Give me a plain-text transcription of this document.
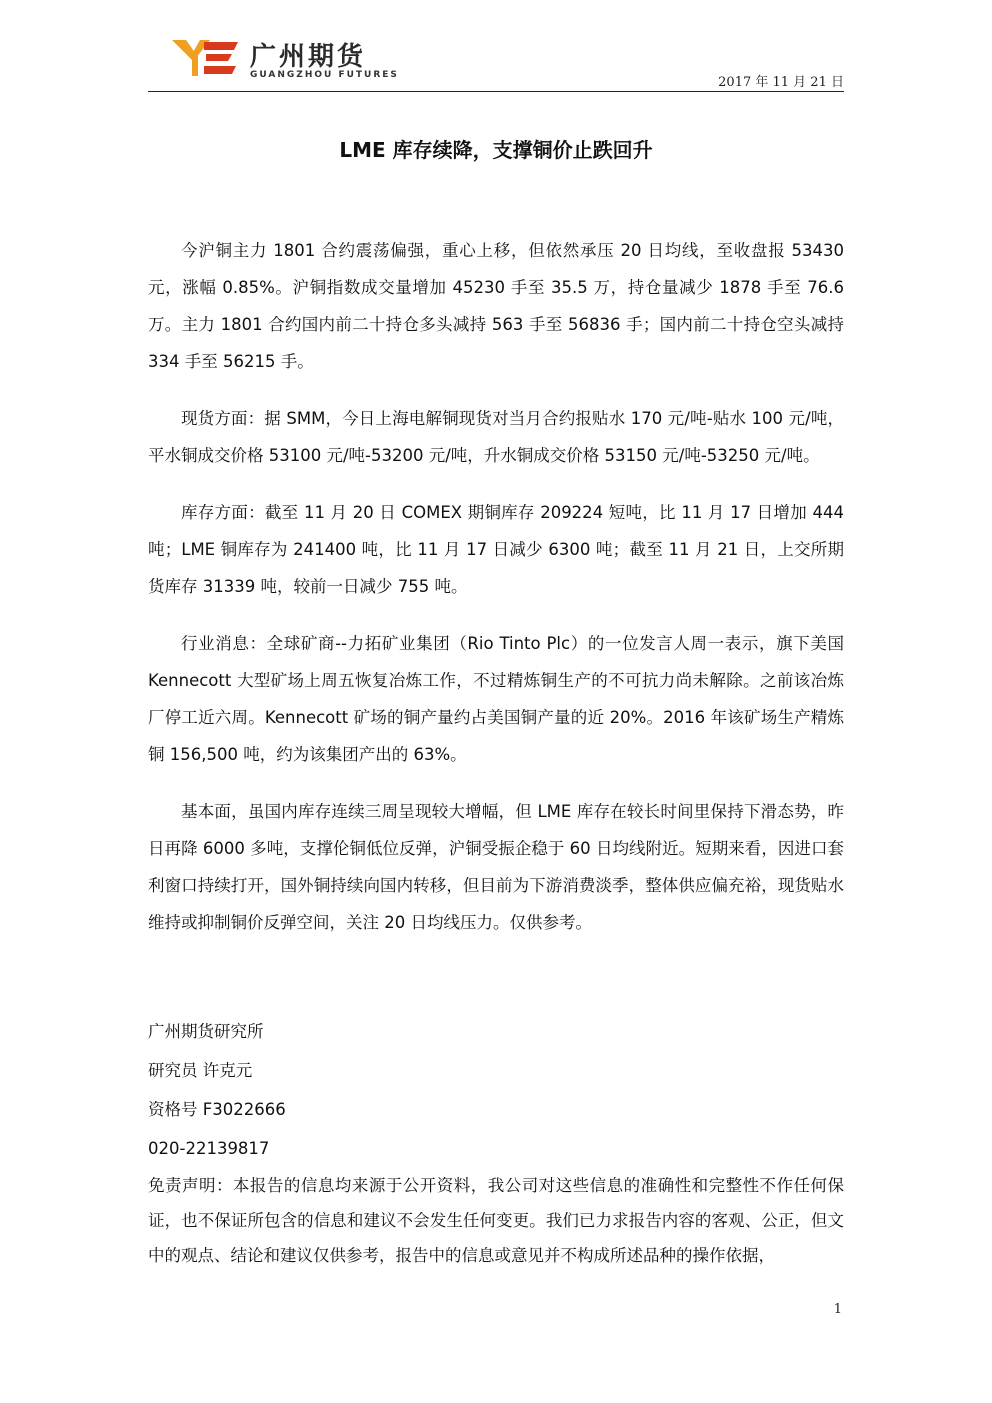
广州期货
GUANGZHOU FUTURES	2017 年 11 月 21 日
LME 库存续降，支撑铜价止跌回升

今沪铜主力 1801 合约震荡偏强，重心上移，但依然承压 20 日均线，至收盘报 53430 元，涨幅 0.85%。沪铜指数成交量增加 45230 手至 35.5 万，持仓量减少 1878 手至 76.6 万。主力 1801 合约国内前二十持仓多头减持 563 手至 56836 手；国内前二十持仓空头减持 334 手至 56215 手。

现货方面：据 SMM，今日上海电解铜现货对当月合约报贴水 170 元/吨-贴水 100 元/吨，平水铜成交价格 53100 元/吨-53200 元/吨，升水铜成交价格 53150 元/吨-53250 元/吨。

库存方面：截至 11 月 20 日 COMEX 期铜库存 209224 短吨，比 11 月 17 日增加 444 吨；LME 铜库存为 241400 吨，比 11 月 17 日减少 6300 吨；截至 11 月 21 日，上交所期货库存 31339 吨，较前一日减少 755 吨。

行业消息：全球矿商--力拓矿业集团（Rio Tinto Plc）的一位发言人周一表示，旗下美国 Kennecott 大型矿场上周五恢复冶炼工作，不过精炼铜生产的不可抗力尚未解除。之前该冶炼厂停工近六周。Kennecott 矿场的铜产量约占美国铜产量的近 20%。2016 年该矿场生产精炼铜 156,500 吨，约为该集团产出的 63%。

基本面，虽国内库存连续三周呈现较大增幅，但 LME 库存在较长时间里保持下滑态势，昨日再降 6000 多吨，支撑伦铜低位反弹，沪铜受振企稳于 60 日均线附近。短期来看，因进口套利窗口持续打开，国外铜持续向国内转移，但目前为下游消费淡季，整体供应偏充裕，现货贴水维持或抑制铜价反弹空间，关注 20 日均线压力。仅供参考。

广州期货研究所
研究员 许克元
资格号 F3022666
020-22139817
免责声明：本报告的信息均来源于公开资料，我公司对这些信息的准确性和完整性不作任何保证，也不保证所包含的信息和建议不会发生任何变更。我们已力求报告内容的客观、公正，但文中的观点、结论和建议仅供参考，报告中的信息或意见并不构成所述品种的操作依据，
1
